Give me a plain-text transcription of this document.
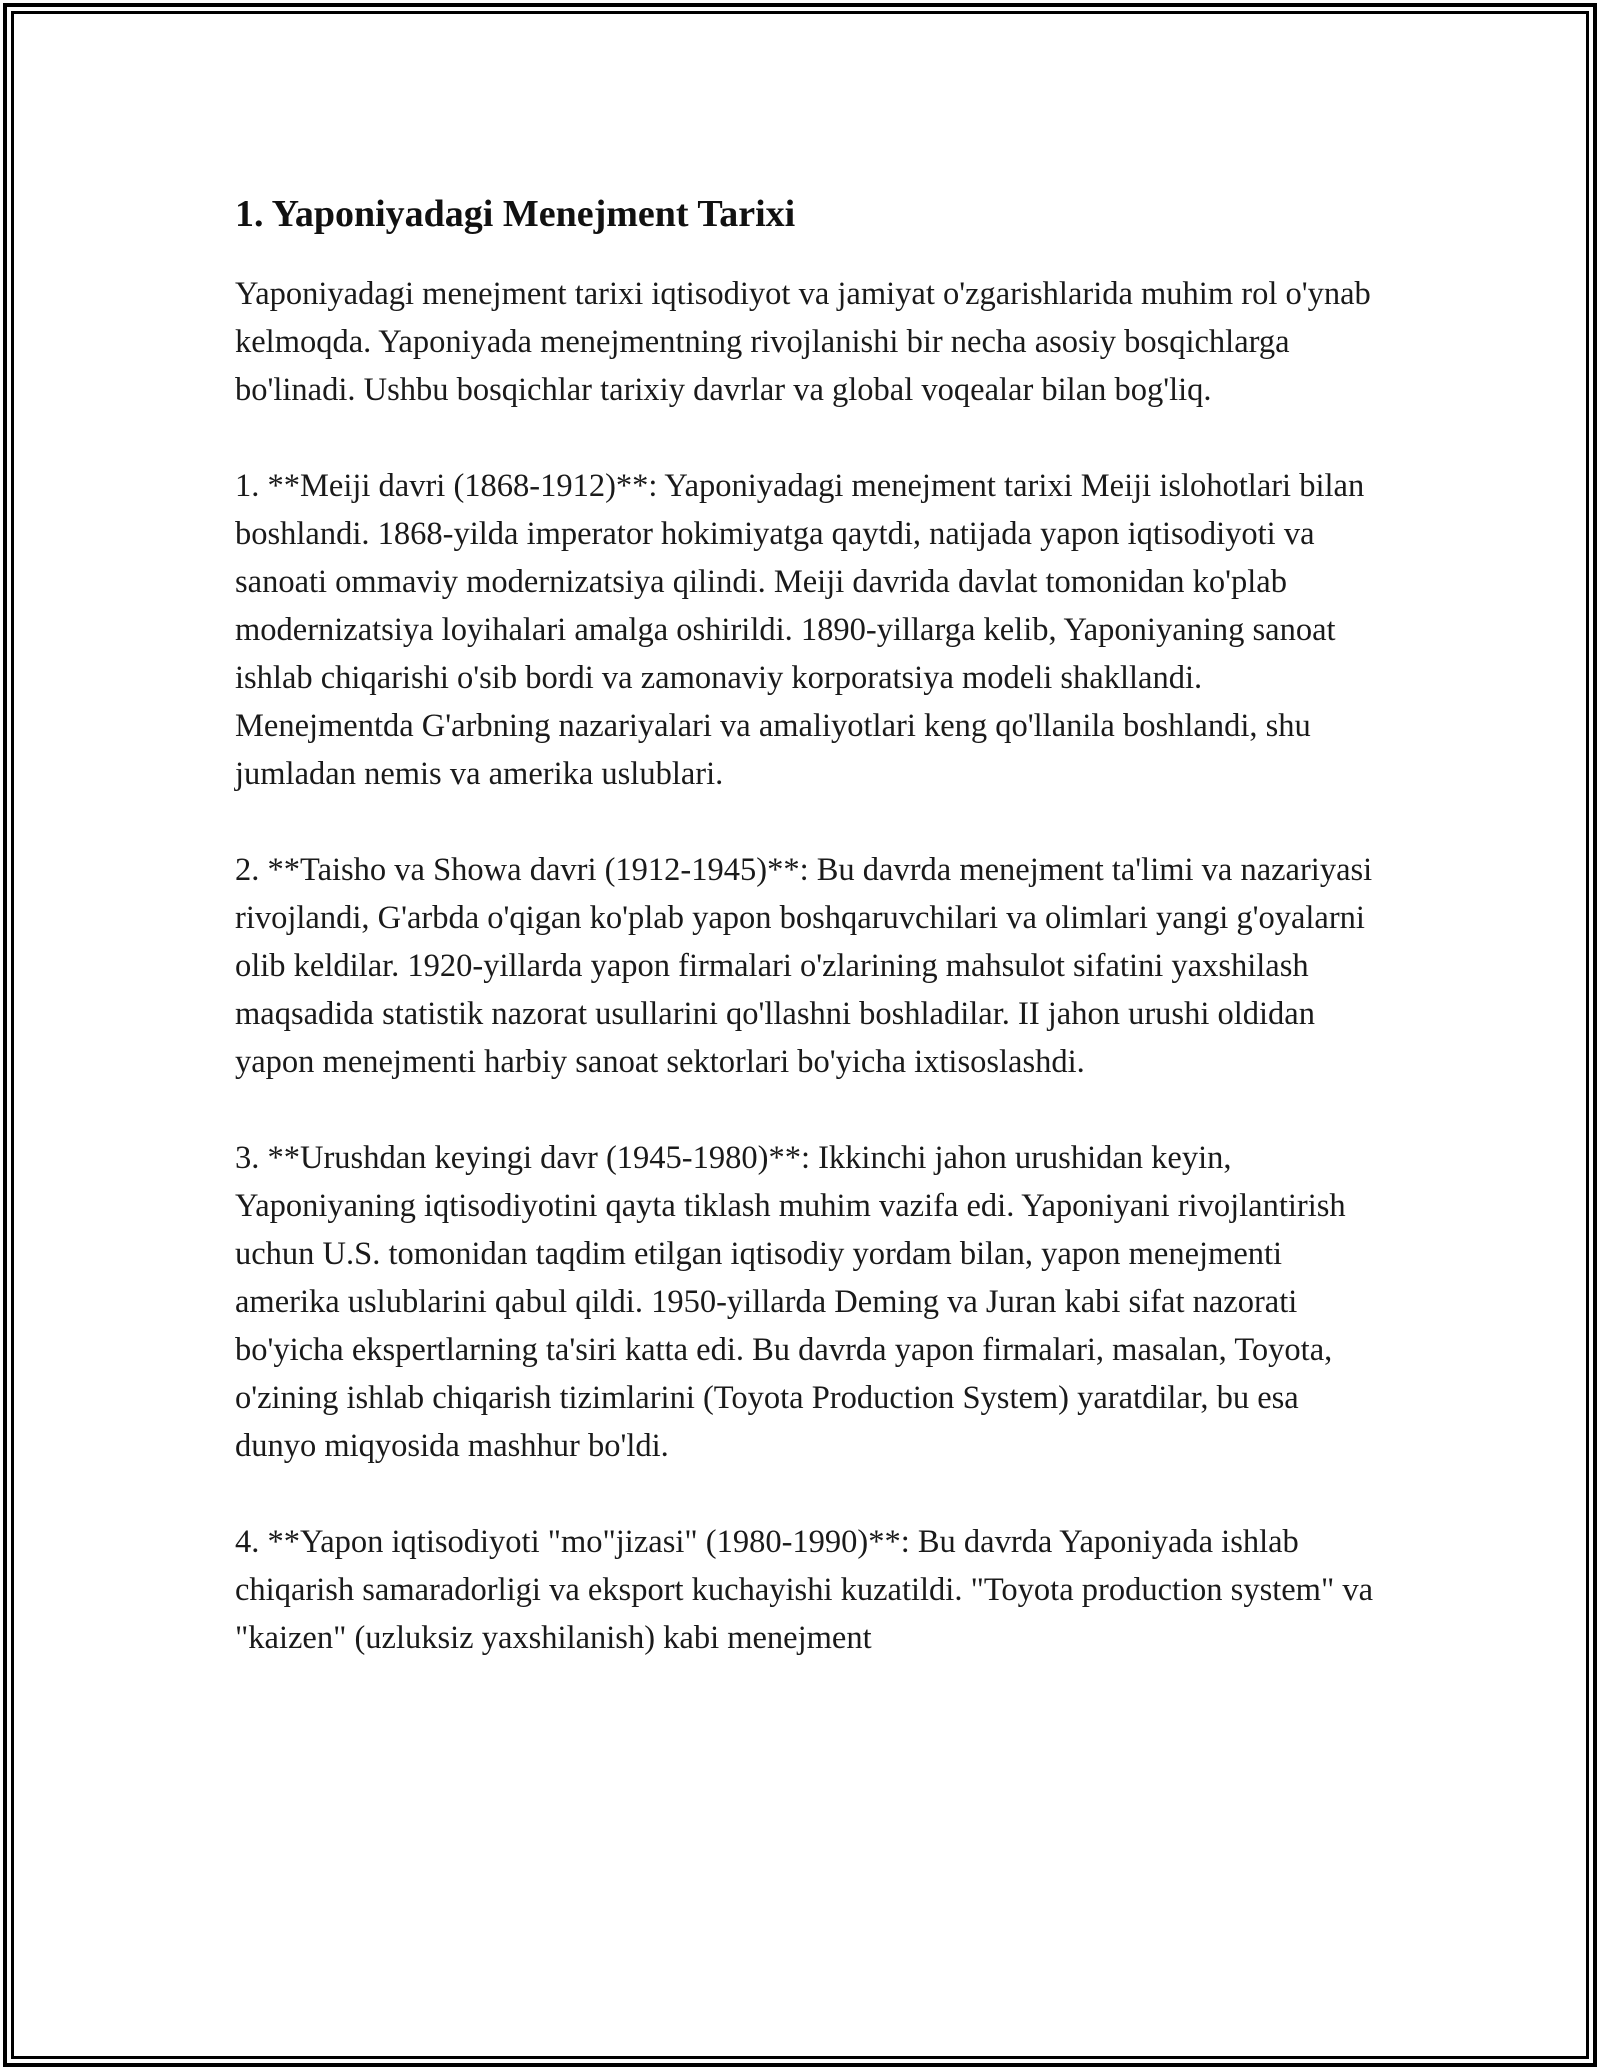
1. Yaponiyadagi Menejment Tarixi

Yaponiyadagi menejment tarixi iqtisodiyot va jamiyat o'zgarishlarida muhim rol o'ynab kelmoqda. Yaponiyada menejmentning rivojlanishi bir necha asosiy bosqichlarga bo'linadi. Ushbu bosqichlar tarixiy davrlar va global voqealar bilan bog'liq.

1. **Meiji davri (1868-1912)**: Yaponiyadagi menejment tarixi Meiji islohotlari bilan boshlandi. 1868-yilda imperator hokimiyatga qaytdi, natijada yapon iqtisodiyoti va sanoati ommaviy modernizatsiya qilindi. Meiji davrida davlat tomonidan ko'plab modernizatsiya loyihalari amalga oshirildi. 1890-yillarga kelib, Yaponiyaning sanoat ishlab chiqarishi o'sib bordi va zamonaviy korporatsiya modeli shakllandi. Menejmentda G'arbning nazariyalari va amaliyotlari keng qo'llanila boshlandi, shu jumladan nemis va amerika uslublari.

2. **Taisho va Showa davri (1912-1945)**: Bu davrda menejment ta'limi va nazariyasi rivojlandi, G'arbda o'qigan ko'plab yapon boshqaruvchilari va olimlari yangi g'oyalarni olib keldilar. 1920-yillarda yapon firmalari o'zlarining mahsulot sifatini yaxshilash maqsadida statistik nazorat usullarini qo'llashni boshladilar. II jahon urushi oldidan yapon menejmenti harbiy sanoat sektorlari bo'yicha ixtisoslashdi.

3. **Urushdan keyingi davr (1945-1980)**: Ikkinchi jahon urushidan keyin, Yaponiyaning iqtisodiyotini qayta tiklash muhim vazifa edi. Yaponiyani rivojlantirish uchun U.S. tomonidan taqdim etilgan iqtisodiy yordam bilan, yapon menejmenti amerika uslublarini qabul qildi. 1950-yillarda Deming va Juran kabi sifat nazorati bo'yicha ekspertlarning ta'siri katta edi. Bu davrda yapon firmalari, masalan, Toyota, o'zining ishlab chiqarish tizimlarini (Toyota Production System) yaratdilar, bu esa dunyo miqyosida mashhur bo'ldi.

4. **Yapon iqtisodiyoti "mo"jizasi" (1980-1990)**: Bu davrda Yaponiyada ishlab chiqarish samaradorligi va eksport kuchayishi kuzatildi. "Toyota production system" va "kaizen" (uzluksiz yaxshilanish) kabi menejment
